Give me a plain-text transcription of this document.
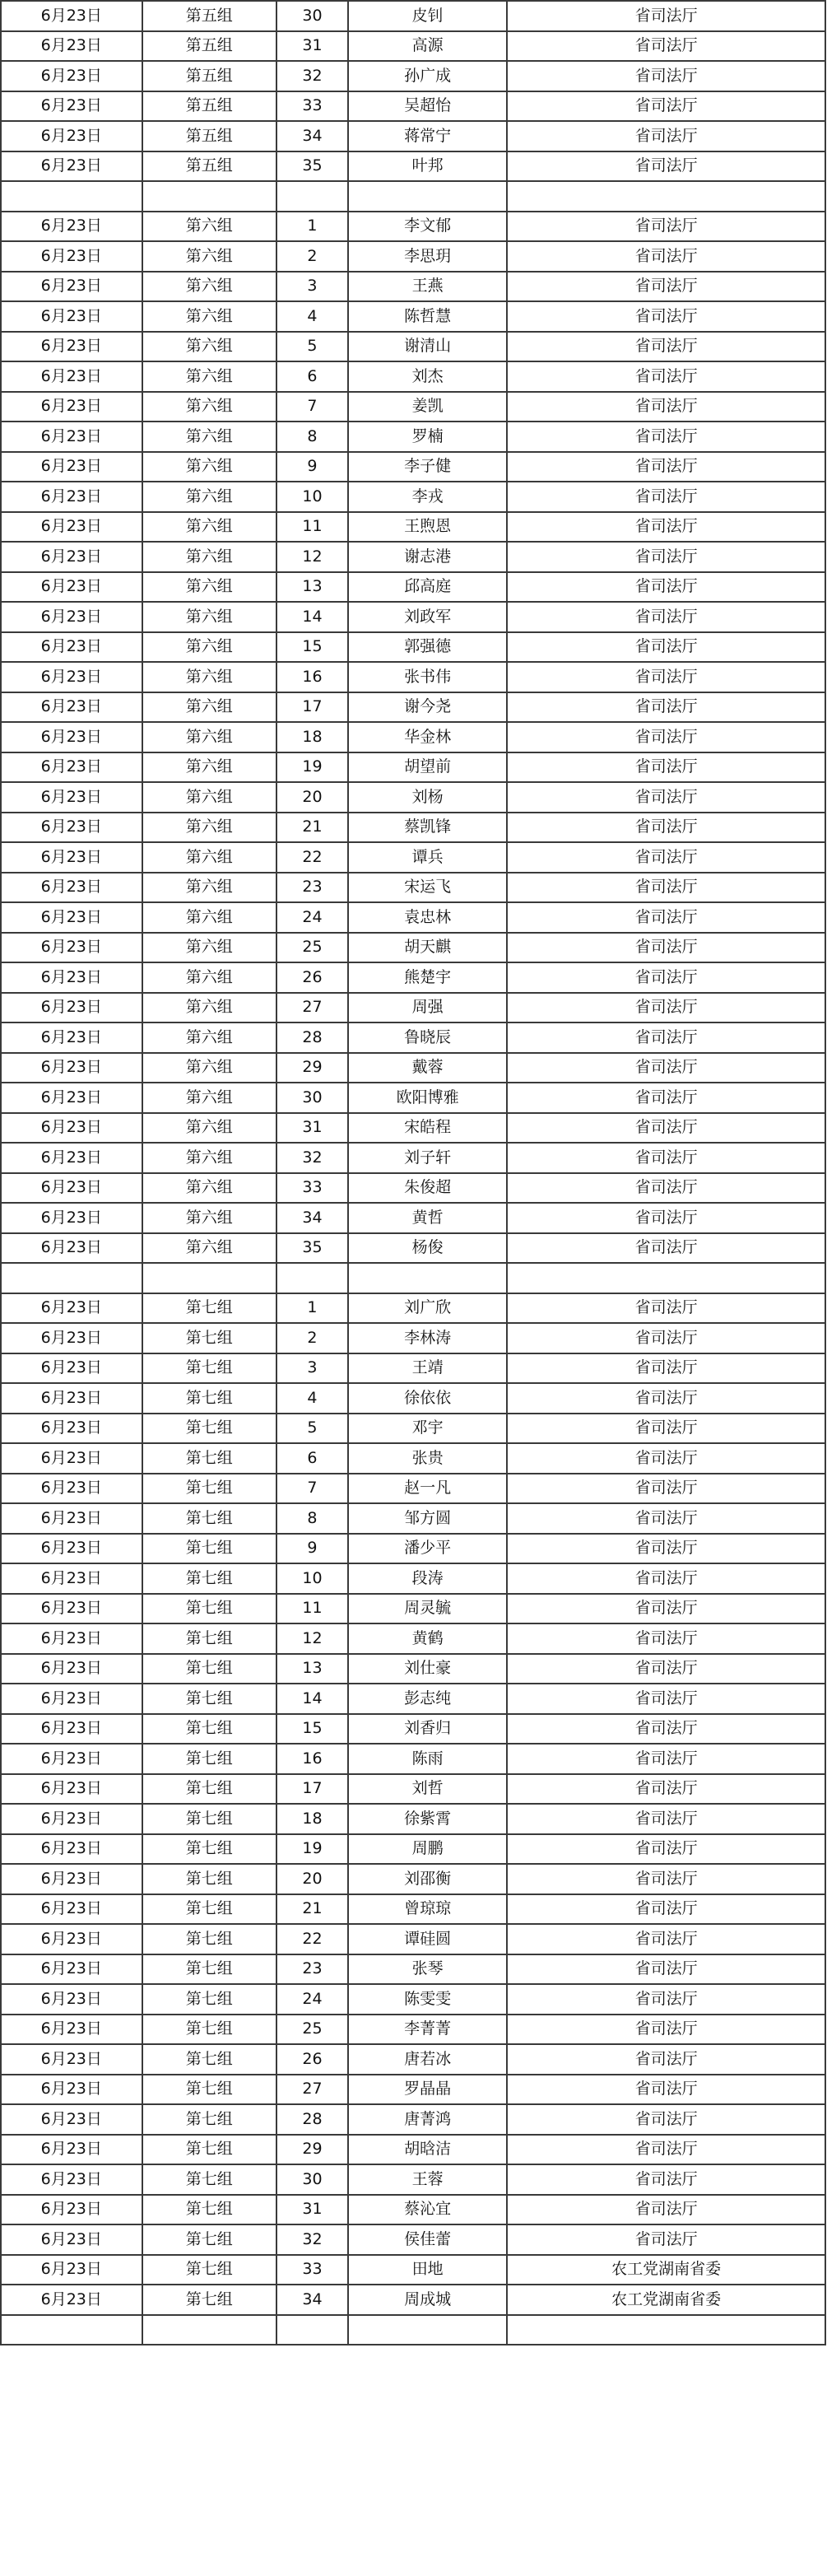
6月23日	第五组	30	皮钊	省司法厅	
6月23日	第五组	31	高源	省司法厅	
6月23日	第五组	32	孙广成	省司法厅	
6月23日	第五组	33	吴超怡	省司法厅	
6月23日	第五组	34	蒋常宁	省司法厅	
6月23日	第五组	35	叶邦	省司法厅	

6月23日	第六组	1	李文郁	省司法厅	
6月23日	第六组	2	李思玥	省司法厅	
6月23日	第六组	3	王燕	省司法厅	
6月23日	第六组	4	陈哲慧	省司法厅	
6月23日	第六组	5	谢清山	省司法厅	
6月23日	第六组	6	刘杰	省司法厅	
6月23日	第六组	7	姜凯	省司法厅	
6月23日	第六组	8	罗楠	省司法厅	
6月23日	第六组	9	李子健	省司法厅	
6月23日	第六组	10	李戎	省司法厅	
6月23日	第六组	11	王煦恩	省司法厅	
6月23日	第六组	12	谢志港	省司法厅	
6月23日	第六组	13	邱高庭	省司法厅	
6月23日	第六组	14	刘政军	省司法厅	
6月23日	第六组	15	郭强德	省司法厅	
6月23日	第六组	16	张书伟	省司法厅	
6月23日	第六组	17	谢今尧	省司法厅	
6月23日	第六组	18	华金林	省司法厅	
6月23日	第六组	19	胡望前	省司法厅	
6月23日	第六组	20	刘杨	省司法厅	
6月23日	第六组	21	蔡凯锋	省司法厅	
6月23日	第六组	22	谭兵	省司法厅	
6月23日	第六组	23	宋运飞	省司法厅	
6月23日	第六组	24	袁忠林	省司法厅	
6月23日	第六组	25	胡天麒	省司法厅	
6月23日	第六组	26	熊楚宇	省司法厅	
6月23日	第六组	27	周强	省司法厅	
6月23日	第六组	28	鲁晓辰	省司法厅	
6月23日	第六组	29	戴蓉	省司法厅	
6月23日	第六组	30	欧阳博雅	省司法厅	
6月23日	第六组	31	宋皓程	省司法厅	
6月23日	第六组	32	刘子轩	省司法厅	
6月23日	第六组	33	朱俊超	省司法厅	
6月23日	第六组	34	黄哲	省司法厅	
6月23日	第六组	35	杨俊	省司法厅	

6月23日	第七组	1	刘广欣	省司法厅	
6月23日	第七组	2	李林涛	省司法厅	
6月23日	第七组	3	王靖	省司法厅	
6月23日	第七组	4	徐依依	省司法厅	
6月23日	第七组	5	邓宇	省司法厅	
6月23日	第七组	6	张贵	省司法厅	
6月23日	第七组	7	赵一凡	省司法厅	
6月23日	第七组	8	邹方圆	省司法厅	
6月23日	第七组	9	潘少平	省司法厅	
6月23日	第七组	10	段涛	省司法厅	
6月23日	第七组	11	周灵毓	省司法厅	
6月23日	第七组	12	黄鹤	省司法厅	
6月23日	第七组	13	刘仕豪	省司法厅	
6月23日	第七组	14	彭志纯	省司法厅	
6月23日	第七组	15	刘香归	省司法厅	
6月23日	第七组	16	陈雨	省司法厅	
6月23日	第七组	17	刘哲	省司法厅	
6月23日	第七组	18	徐紫霄	省司法厅	
6月23日	第七组	19	周鹏	省司法厅	
6月23日	第七组	20	刘邵衡	省司法厅	
6月23日	第七组	21	曾琼琼	省司法厅	
6月23日	第七组	22	谭硅圆	省司法厅	
6月23日	第七组	23	张琴	省司法厅	
6月23日	第七组	24	陈雯雯	省司法厅	
6月23日	第七组	25	李菁菁	省司法厅	
6月23日	第七组	26	唐若冰	省司法厅	
6月23日	第七组	27	罗晶晶	省司法厅	
6月23日	第七组	28	唐菁鸿	省司法厅	
6月23日	第七组	29	胡晗洁	省司法厅	
6月23日	第七组	30	王蓉	省司法厅	
6月23日	第七组	31	蔡沁宜	省司法厅	
6月23日	第七组	32	侯佳蕾	省司法厅	
6月23日	第七组	33	田地	农工党湖南省委	
6月23日	第七组	34	周成城	农工党湖南省委	
